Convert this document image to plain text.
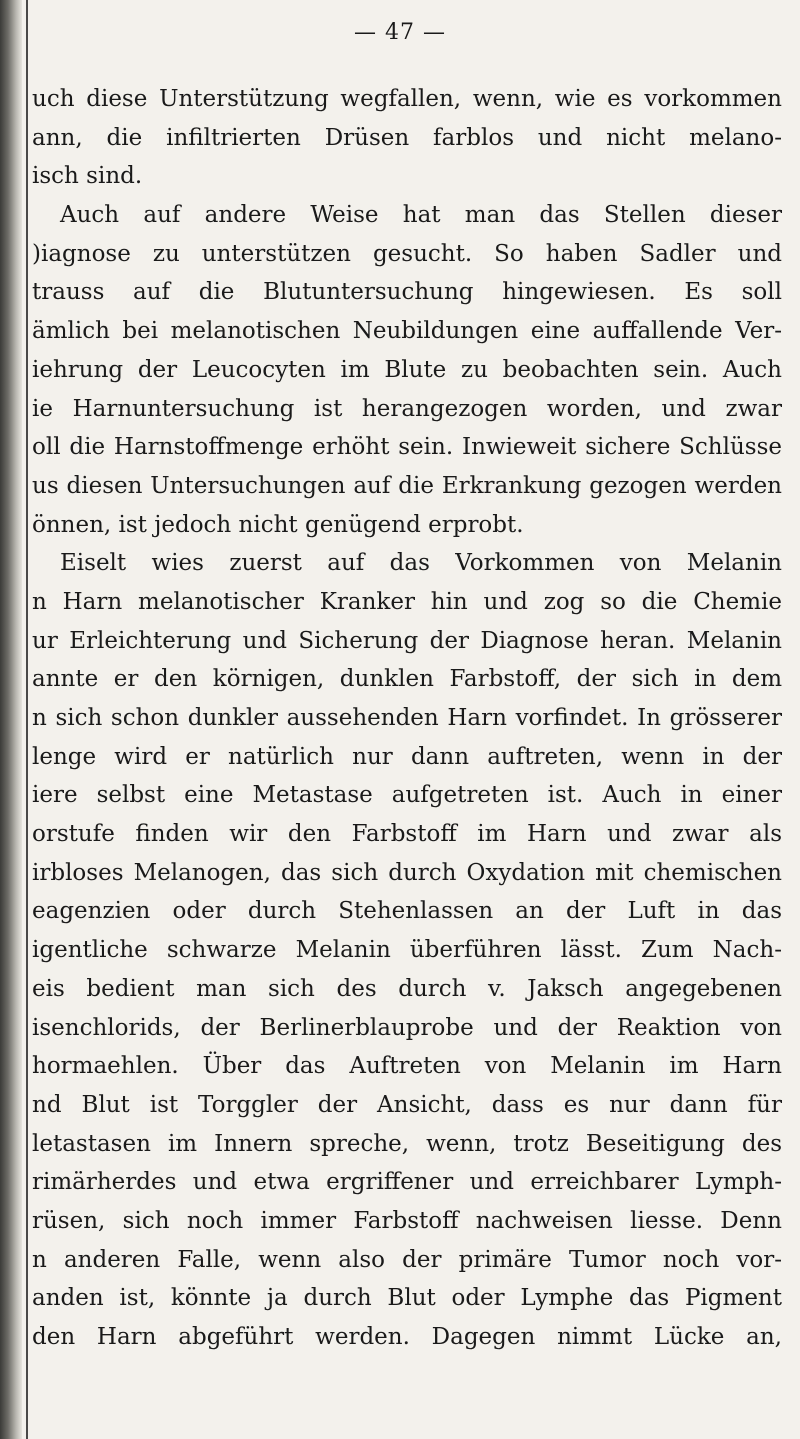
— 47 —
uch diese Unterstützung wegfallen, wenn, wie es vorkommen
ann, die infiltrierten Drüsen farblos und nicht melano-
isch sind.
Auch auf andere Weise hat man das Stellen dieser
)iagnose zu unterstützen gesucht. So haben Sadler und
trauss auf die Blutuntersuchung hingewiesen. Es soll
ämlich bei melanotischen Neubildungen eine auffallende Ver-
iehrung der Leucocyten im Blute zu beobachten sein. Auch
ie Harnuntersuchung ist herangezogen worden, und zwar
oll die Harnstoffmenge erhöht sein. Inwieweit sichere Schlüsse
us diesen Untersuchungen auf die Erkrankung gezogen werden
önnen, ist jedoch nicht genügend erprobt.
Eiselt wies zuerst auf das Vorkommen von Melanin
n Harn melanotischer Kranker hin und zog so die Chemie
ur Erleichterung und Sicherung der Diagnose heran. Melanin
annte er den körnigen, dunklen Farbstoff, der sich in dem
n sich schon dunkler aussehenden Harn vorfindet. In grösserer
lenge wird er natürlich nur dann auftreten, wenn in der
iere selbst eine Metastase aufgetreten ist. Auch in einer
orstufe finden wir den Farbstoff im Harn und zwar als
irbloses Melanogen, das sich durch Oxydation mit chemischen
eagenzien oder durch Stehenlassen an der Luft in das
igentliche schwarze Melanin überführen lässt. Zum Nach-
eis bedient man sich des durch v. Jaksch angegebenen
isenchlorids, der Berlinerblauprobe und der Reaktion von
hormaehlen. Über das Auftreten von Melanin im Harn
nd Blut ist Torggler der Ansicht, dass es nur dann für
letastasen im Innern spreche, wenn, trotz Beseitigung des
rimärherdes und etwa ergriffener und erreichbarer Lymph-
rüsen, sich noch immer Farbstoff nachweisen liesse. Denn
n anderen Falle, wenn also der primäre Tumor noch vor-
anden ist, könnte ja durch Blut oder Lymphe das Pigment
den Harn abgeführt werden. Dagegen nimmt Lücke an,
